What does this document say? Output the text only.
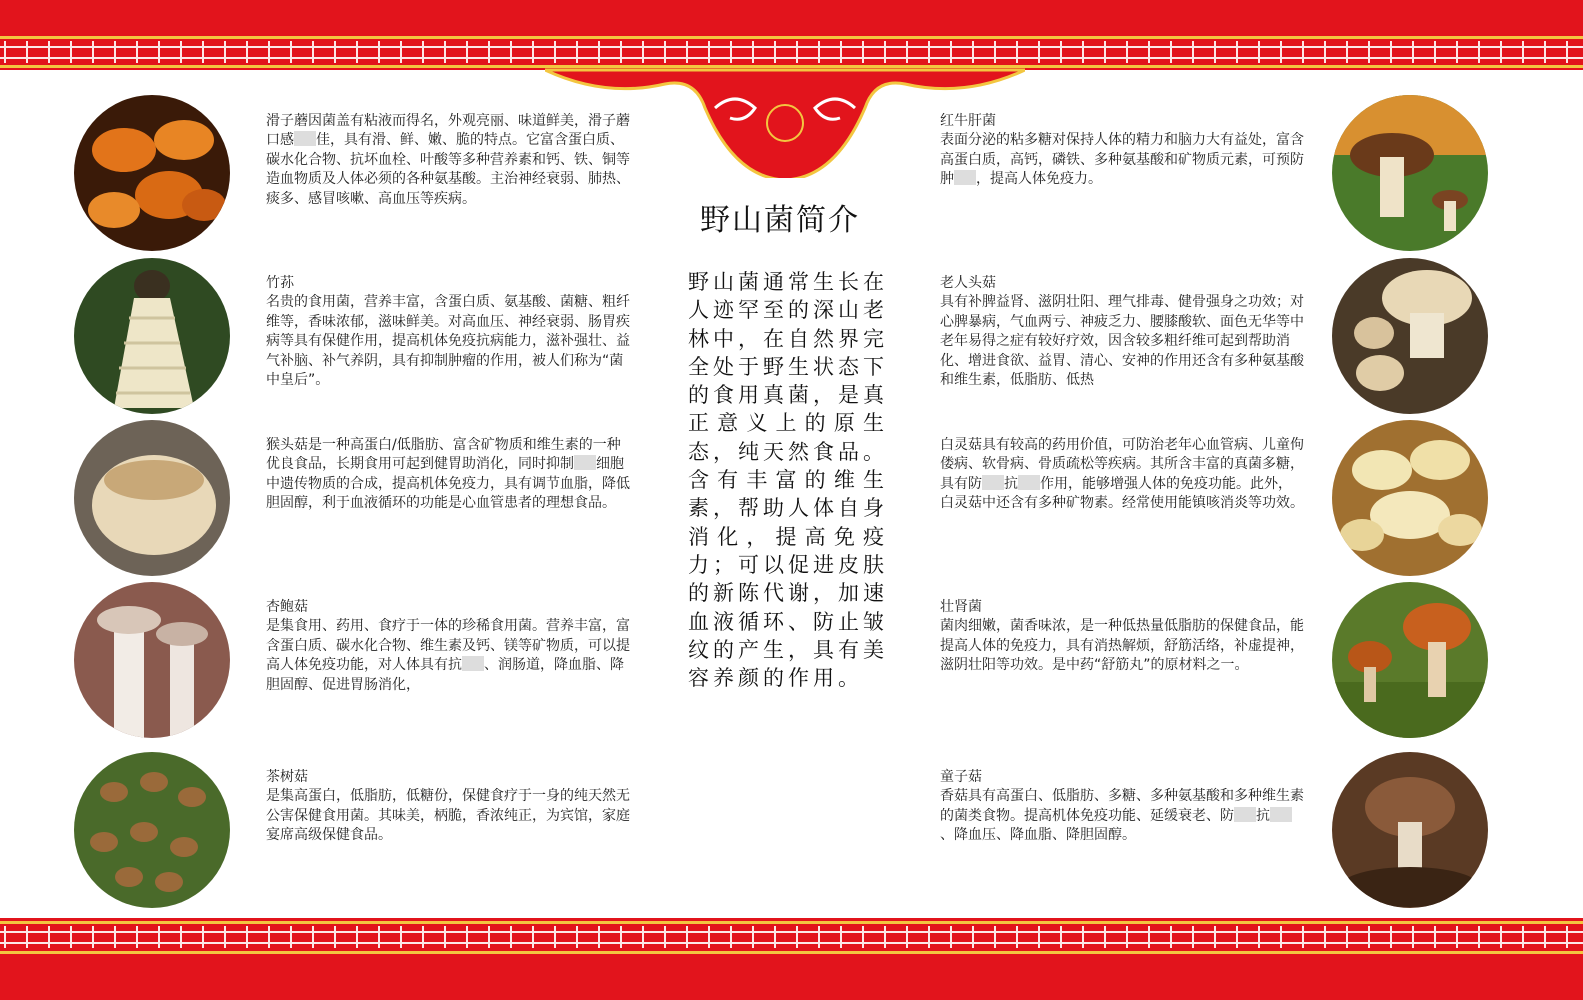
野山菌简介
野山菌通常生长在人迹罕至的深山老林中，在自然界完全处于野生状态下的食用真菌，是真正意义上的原生态，纯天然食品。含有丰富的维生素，帮助人体自身消化，提高免疫力；可以促进皮肤的新陈代谢，加速血液循环、防止皱纹的产生，具有美容养颜的作用。
滑子蘑因菌盖有粘液而得名，外观亮丽、味道鲜美，滑子蘑口感 佳，具有滑、鲜、嫩、脆的特点。它富含蛋白质、碳水化合物、抗坏血栓、叶酸等多种营养素和钙、铁、铜等造血物质及人体必须的各种氨基酸。主治神经衰弱、肺热、痰多、感冒咳嗽、高血压等疾病。
竹荪
名贵的食用菌，营养丰富，含蛋白质、氨基酸、菌糖、粗纤维等，香味浓郁，滋味鲜美。对高血压、神经衰弱、肠胃疾病等具有保健作用，提高机体免疫抗病能力，滋补强壮、益气补脑、补气养阴，具有抑制肿瘤的作用，被人们称为“菌中皇后”。
猴头菇是一种高蛋白/低脂肪、富含矿物质和维生素的一种优良食品，长期食用可起到健胃助消化，同时抑制 细胞中遗传物质的合成，提高机体免疫力，具有调节血脂，降低胆固醇，利于血液循环的功能是心血管患者的理想食品。
杏鲍菇
是集食用、药用、食疗于一体的珍稀食用菌。营养丰富，富含蛋白质、碳水化合物、维生素及钙、镁等矿物质，可以提高人体免疫功能，对人体具有抗 、润肠道，降血脂、降胆固醇、促进胃肠消化，
茶树菇
是集高蛋白，低脂肪，低糖份，保健食疗于一身的纯天然无公害保健食用菌。其味美，柄脆，香浓纯正，为宾馆，家庭宴席高级保健食品。
红牛肝菌
表面分泌的粘多糖对保持人体的精力和脑力大有益处，富含高蛋白质，高钙，磷铁、多种氨基酸和矿物质元素，可预防肿 ，提高人体免疫力。
老人头菇
具有补脾益肾、滋阴壮阳、理气排毒、健骨强身之功效；对心脾暴病，气血两亏、神疲乏力、腰膝酸软、面色无华等中老年易得之症有较好疗效，因含较多粗纤维可起到帮助消化、增进食欲、益胃、清心、安神的作用还含有多种氨基酸和维生素，低脂肪、低热
白灵菇具有较高的药用价值，可防治老年心血管病、儿童佝偻病、软骨病、骨质疏松等疾病。其所含丰富的真菌多糖，具有防 抗 作用，能够增强人体的免疫功能。此外，白灵菇中还含有多种矿物素。经常使用能镇咳消炎等功效。
壮肾菌
菌肉细嫩，菌香味浓，是一种低热量低脂肪的保健食品，能提高人体的免疫力，具有消热解烦，舒筋活络，补虚提神，滋阴壮阳等功效。是中药“舒筋丸”的原材料之一。
童子菇
香菇具有高蛋白、低脂肪、多糖、多种氨基酸和多种维生素的菌类食物。提高机体免疫功能、延缓衰老、防 抗、降血压、降血脂、降胆固醇。
